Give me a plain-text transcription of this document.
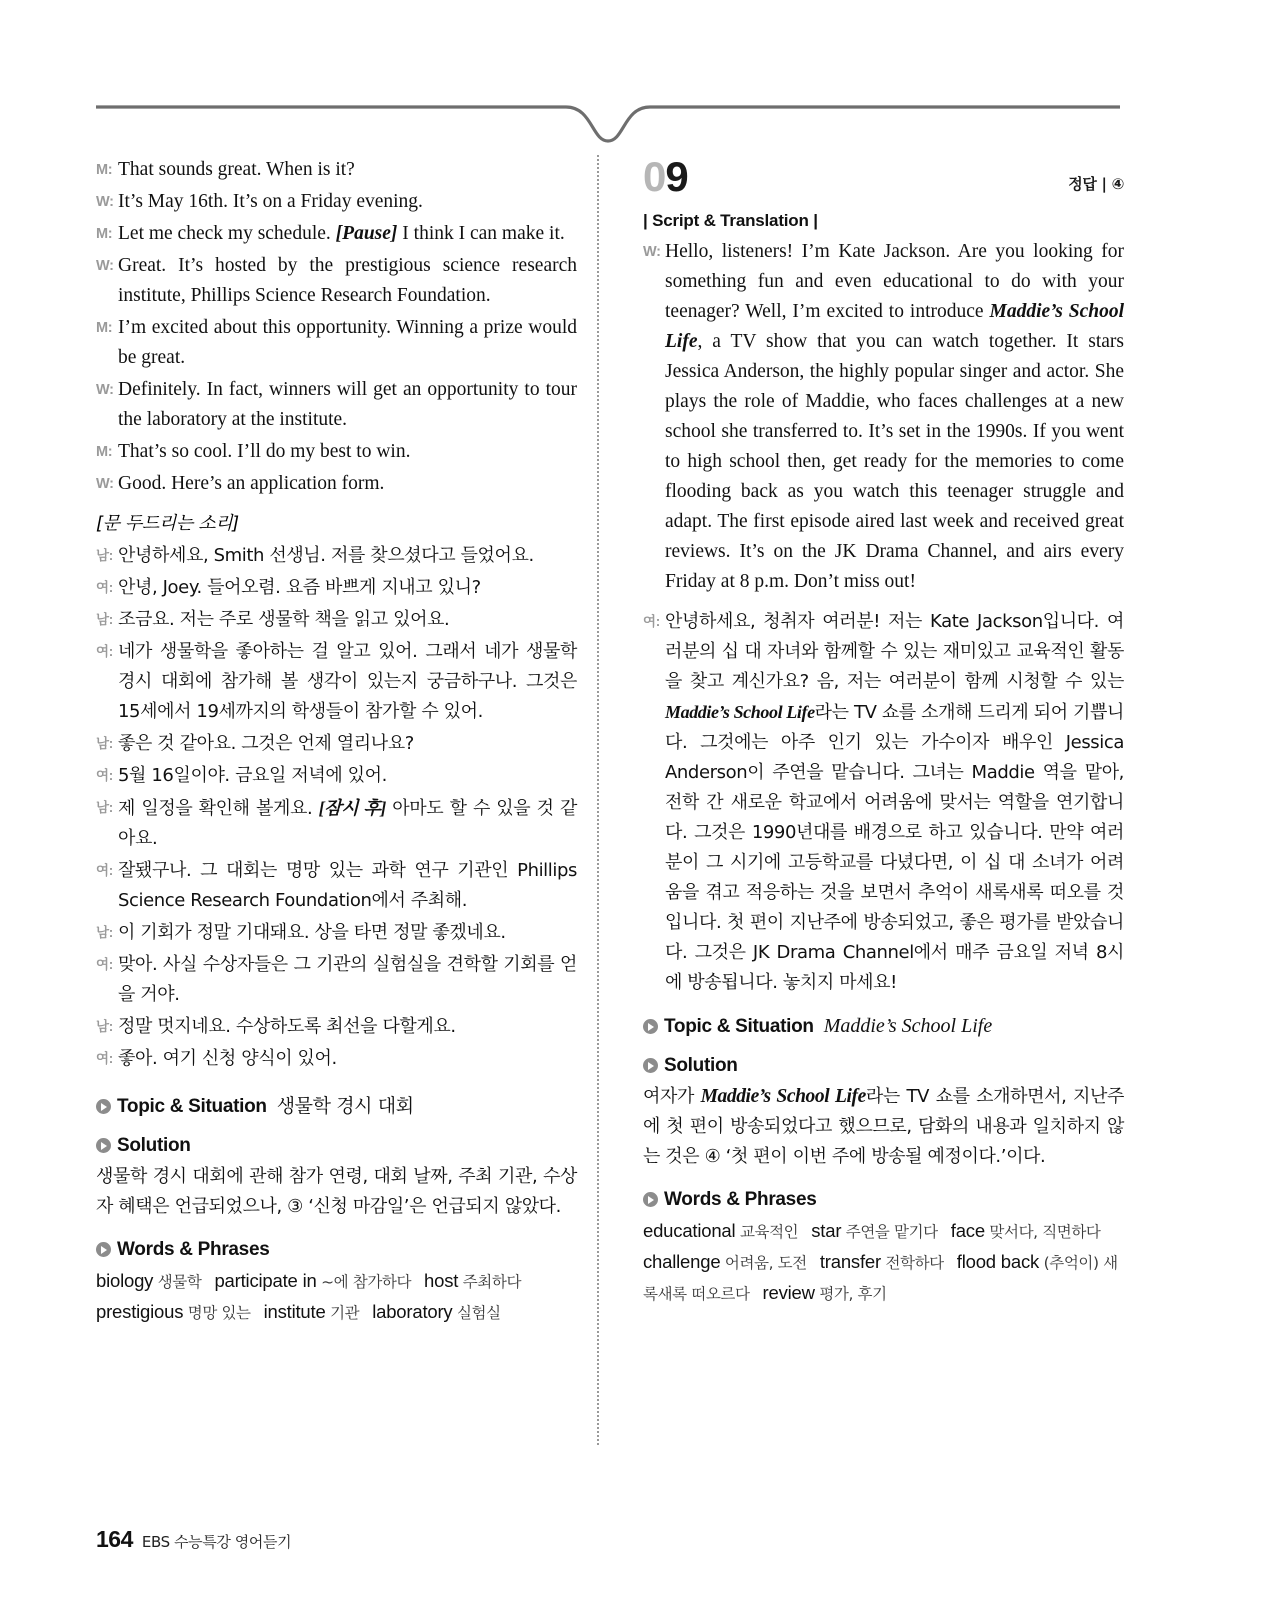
M: That sounds great. When is it?
W: It’s May 16th. It’s on a Friday evening.
M: Let me check my schedule. [Pause] I think I can make it.
W: Great. It’s hosted by the prestigious science research institute, Phillips Science Research Foundation.
M: I’m excited about this opportunity. Winning a prize would be great.
W: Definitely. In fact, winners will get an opportunity to tour the laboratory at the institute.
M: That’s so cool. I’ll do my best to win.
W: Good. Here’s an application form.
[문 두드리는 소리]
남: 안녕하세요, Smith 선생님. 저를 찾으셨다고 들었어요.
여: 안녕, Joey. 들어오렴. 요즘 바쁘게 지내고 있니?
남: 조금요. 저는 주로 생물학 책을 읽고 있어요.
여: 네가 생물학을 좋아하는 걸 알고 있어. 그래서 네가 생물학 경시 대회에 참가해 볼 생각이 있는지 궁금하구나. 그것은 15세에서 19세까지의 학생들이 참가할 수 있어.
남: 좋은 것 같아요. 그것은 언제 열리나요?
여: 5월 16일이야. 금요일 저녁에 있어.
남: 제 일정을 확인해 볼게요. [잠시 후] 아마도 할 수 있을 것 같아요.
여: 잘됐구나. 그 대회는 명망 있는 과학 연구 기관인 Phillips Science Research Foundation에서 주최해.
남: 이 기회가 정말 기대돼요. 상을 타면 정말 좋겠네요.
여: 맞아. 사실 수상자들은 그 기관의 실험실을 견학할 기회를 얻을 거야.
남: 정말 멋지네요. 수상하도록 최선을 다할게요.
여: 좋아. 여기 신청 양식이 있어.
Topic & Situation 생물학 경시 대회
Solution
생물학 경시 대회에 관해 참가 연령, 대회 날짜, 주최 기관, 수상자 혜택은 언급되었으나, ③ ‘신청 마감일’은 언급되지 않았다.
Words & Phrases
biology 생물학 participate in ~에 참가하다 host 주최하다
prestigious 명망 있는 institute 기관 laboratory 실험실
09	정답 | ④
| Script & Translation |
W: Hello, listeners! I’m Kate Jackson. Are you looking for something fun and even educational to do with your teenager? Well, I’m excited to introduce Maddie’s School Life, a TV show that you can watch together. It stars Jessica Anderson, the highly popular singer and actor. She plays the role of Maddie, who faces challenges at a new school she transferred to. It’s set in the 1990s. If you went to high school then, get ready for the memories to come flooding back as you watch this teenager struggle and adapt. The first episode aired last week and received great reviews. It’s on the JK Drama Channel, and airs every Friday at 8 p.m. Don’t miss out!
여: 안녕하세요, 청취자 여러분! 저는 Kate Jackson입니다. 여러분의 십 대 자녀와 함께할 수 있는 재미있고 교육적인 활동을 찾고 계신가요? 음, 저는 여러분이 함께 시청할 수 있는 Maddie’s School Life라는 TV 쇼를 소개해 드리게 되어 기쁩니다. 그것에는 아주 인기 있는 가수이자 배우인 Jessica Anderson이 주연을 맡습니다. 그녀는 Maddie 역을 맡아, 전학 간 새로운 학교에서 어려움에 맞서는 역할을 연기합니다. 그것은 1990년대를 배경으로 하고 있습니다. 만약 여러분이 그 시기에 고등학교를 다녔다면, 이 십 대 소녀가 어려움을 겪고 적응하는 것을 보면서 추억이 새록새록 떠오를 것입니다. 첫 편이 지난주에 방송되었고, 좋은 평가를 받았습니다. 그것은 JK Drama Channel에서 매주 금요일 저녁 8시에 방송됩니다. 놓치지 마세요!
Topic & Situation Maddie’s School Life
Solution
여자가 Maddie’s School Life라는 TV 쇼를 소개하면서, 지난주에 첫 편이 방송되었다고 했으므로, 담화의 내용과 일치하지 않는 것은 ④ ‘첫 편이 이번 주에 방송될 예정이다.’이다.
Words & Phrases
educational 교육적인 star 주연을 맡기다 face 맞서다, 직면하다
challenge 어려움, 도전 transfer 전학하다 flood back (추억이) 새록새록 떠오르다 review 평가, 후기
164 EBS 수능특강 영어듣기
